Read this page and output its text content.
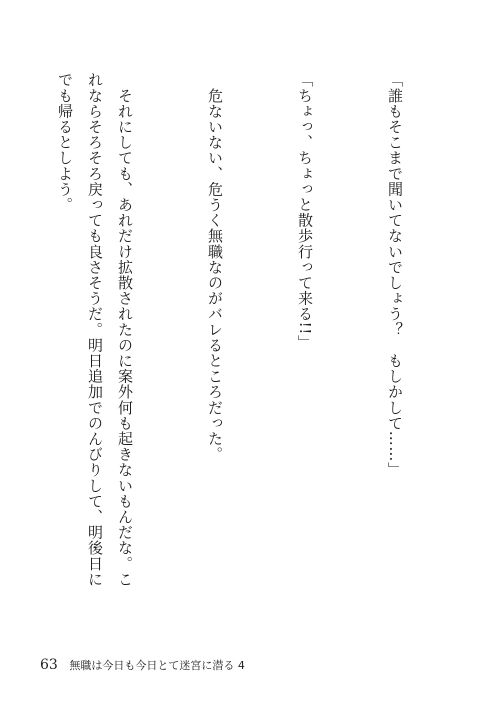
「誰もそこまで聞いてないでしょう？　もしかして……」

「ちょっ、ちょっと散歩行って来る!!」

　危ないない、危うく無職なのがバレるところだった。

　それにしても、あれだけ拡散されたのに案外何も起きないもんだな。これならそろそろ戻っても良さそうだ。明日追加でのんびりして、明後日にでも帰るとしよう。

63 無職は今日も今日とて迷宮に潜る 4
